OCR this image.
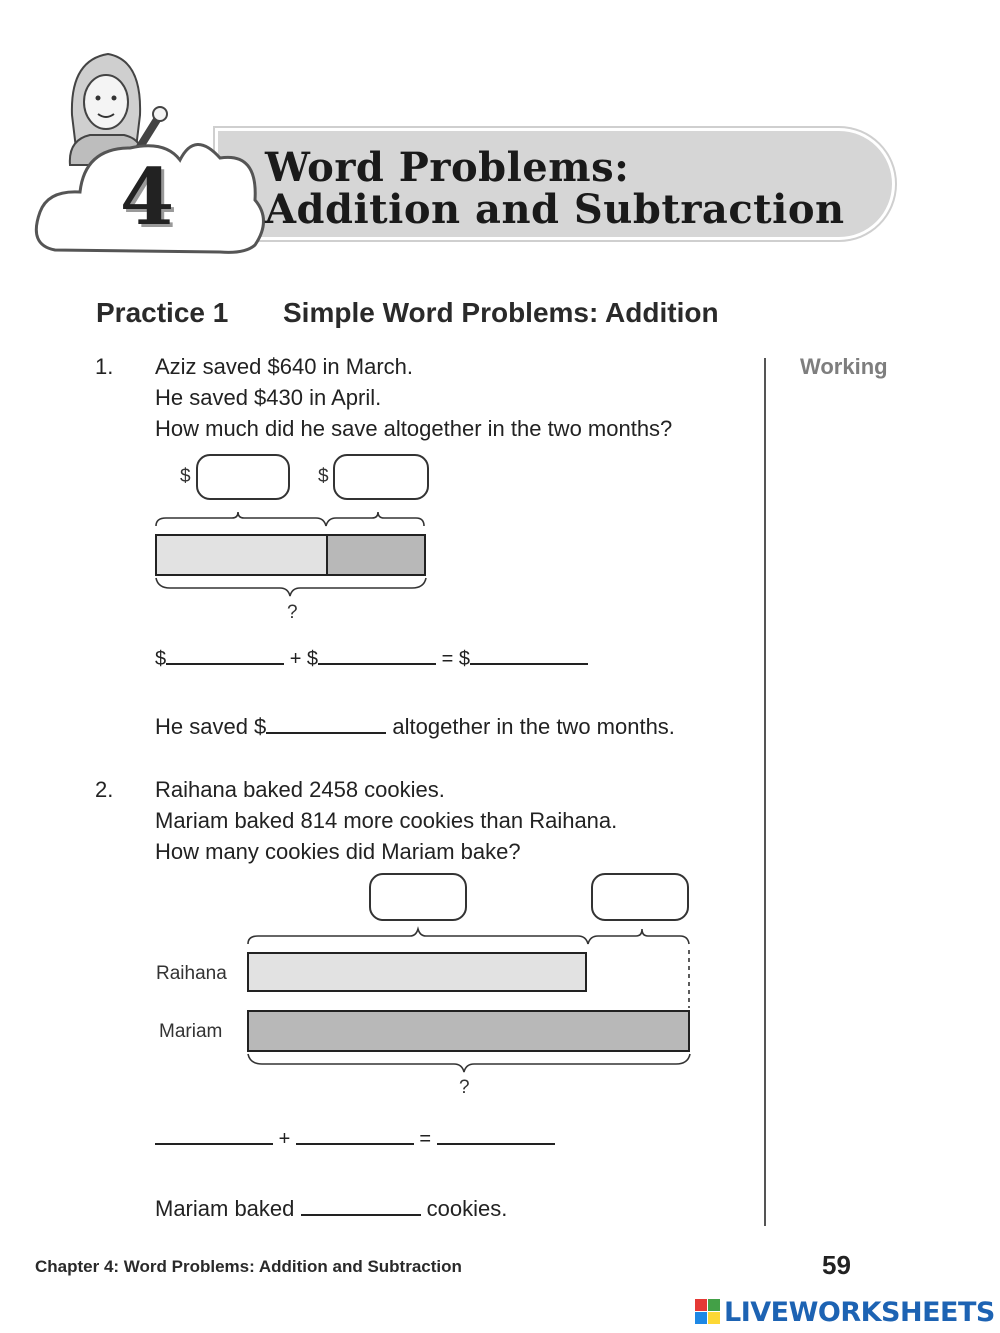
4 Word Problems:
Addition and Subtraction
Practice 1 Simple Word Problems: Addition
Working
1. Aziz saved $640 in March.
He saved $430 in April.
How much did he save altogether in the two months?
$	$
?
$	+ $	= $
He saved $	altogether in the two months.
2. Raihana baked 2458 cookies.
Mariam baked 814 more cookies than Raihana.
How many cookies did Mariam bake?
Raihana
Mariam
?
+	=
Mariam baked	cookies.
Chapter 4: Word Problems: Addition and Subtraction	59
LIVEWORKSHEETS
